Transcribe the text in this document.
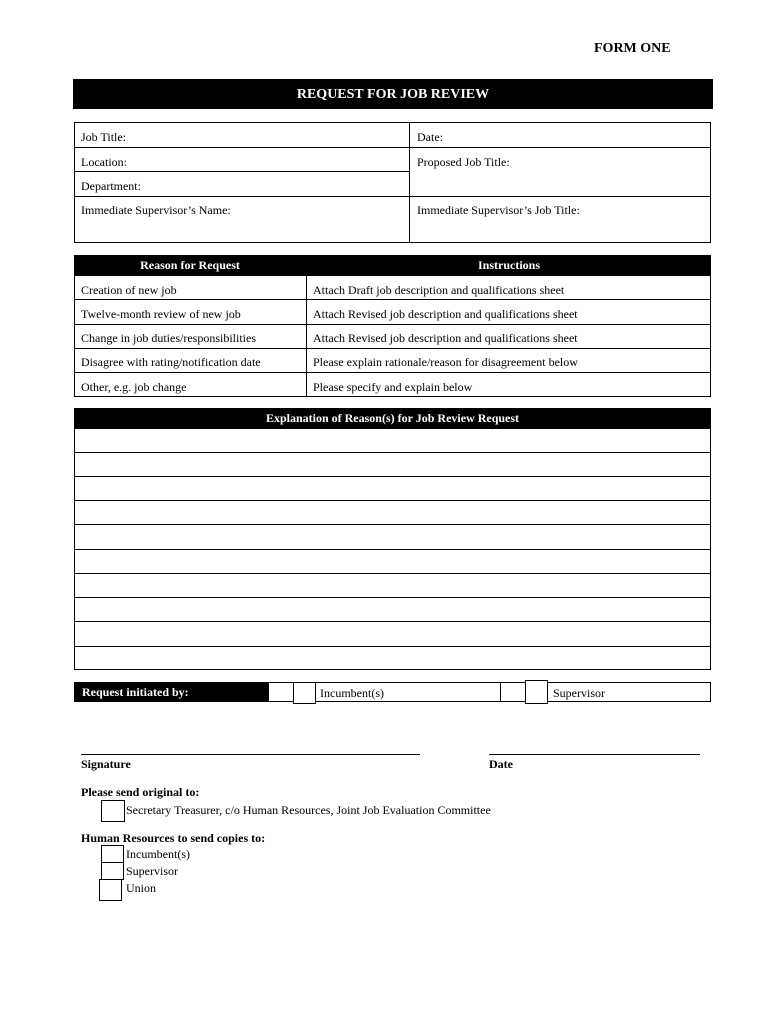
FORM ONE
REQUEST FOR JOB REVIEW
Job Title:	Date:
Location:	Proposed Job Title:
Department:
Immediate Supervisor’s Name:	Immediate Supervisor’s Job Title:
Reason for Request	Instructions
Creation of new job	Attach Draft job description and qualifications sheet
Twelve-month review of new job	Attach Revised job description and qualifications sheet
Change in job duties/responsibilities	Attach Revised job description and qualifications sheet
Disagree with rating/notification date	Please explain rationale/reason for disagreement below
Other, e.g. job change	Please specify and explain below
Explanation of Reason(s) for Job Review Request
Request initiated by:	Incumbent(s)	Supervisor
Signature	Date
Please send original to:
Secretary Treasurer, c/o Human Resources, Joint Job Evaluation Committee
Human Resources to send copies to:
Incumbent(s)
Supervisor
Union
